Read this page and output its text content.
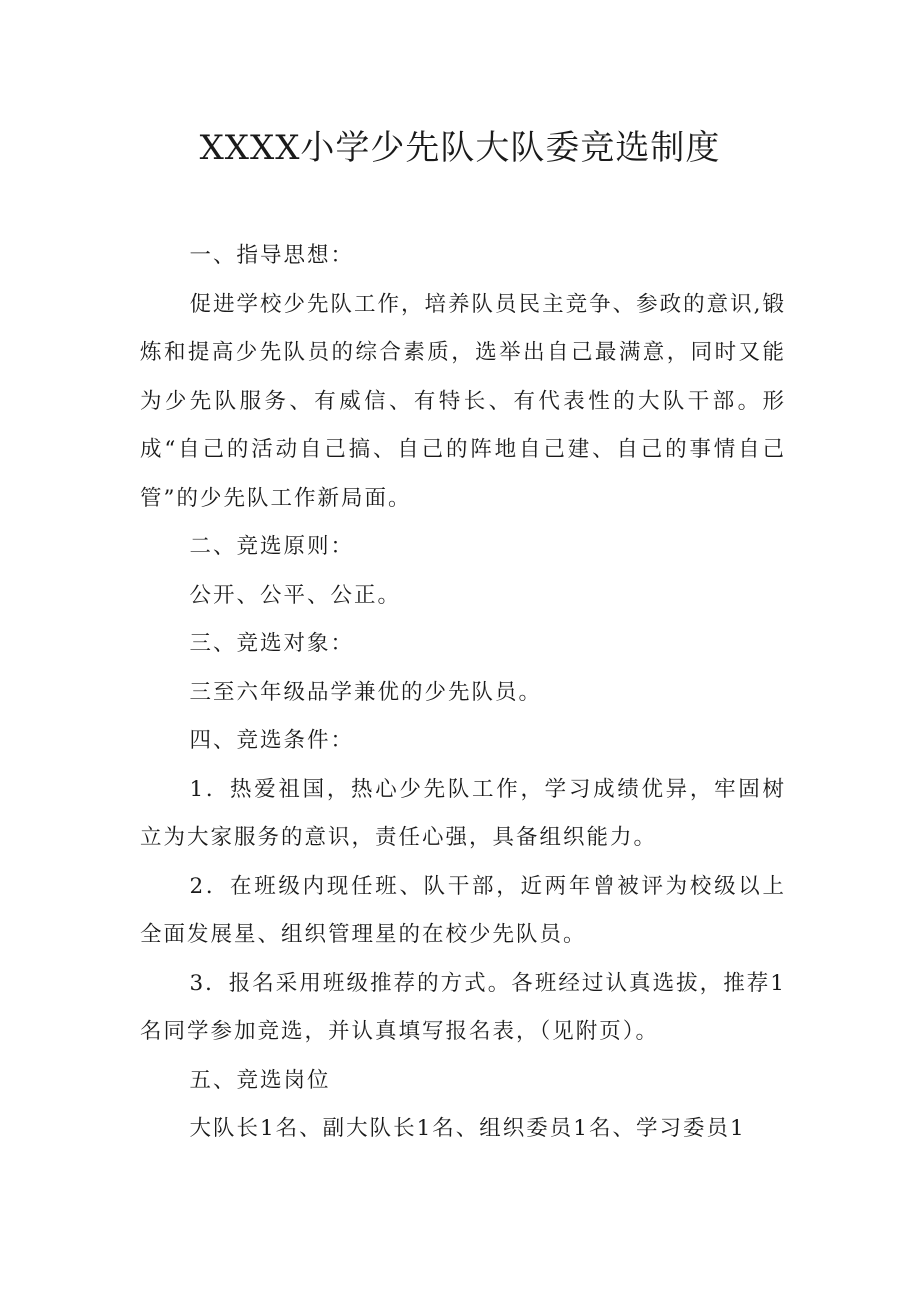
XXXX小学少先队大队委竞选制度

一、指导思想：

促进学校少先队工作，培养队员民主竞争、参政的意识,锻炼和提高少先队员的综合素质，选举出自己最满意，同时又能为少先队服务、有威信、有特长、有代表性的大队干部。形成“自己的活动自己搞、自己的阵地自己建、自己的事情自己管”的少先队工作新局面。

二、竞选原则：

公开、公平、公正。

三、竞选对象：

三至六年级品学兼优的少先队员。

四、竞选条件：

1．热爱祖国，热心少先队工作，学习成绩优异，牢固树立为大家服务的意识，责任心强，具备组织能力。

2．在班级内现任班、队干部，近两年曾被评为校级以上全面发展星、组织管理星的在校少先队员。

3．报名采用班级推荐的方式。各班经过认真选拔，推荐1名同学参加竞选，并认真填写报名表，（见附页）。

五、竞选岗位

大队长1名、副大队长1名、组织委员1名、学习委员1
